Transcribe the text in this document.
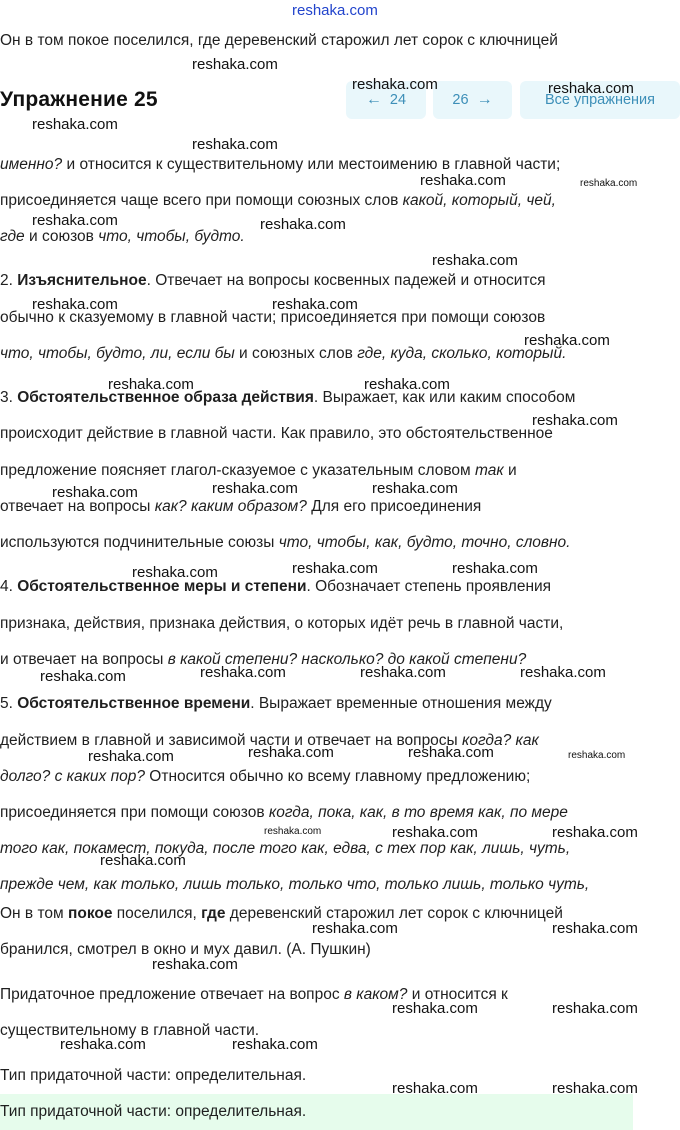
reshaka.com
Он в том покое поселился, где деревенский старожил лет сорок с ключницей
Упражнение 25	← 24	26 →	Все упражнения
именно? и относится к существительному или местоимению в главной части;
присоединяется чаще всего при помощи союзных слов какой, который, чей,
где и союзов что, чтобы, будто.
2. Изъяснительное. Отвечает на вопросы косвенных падежей и относится
обычно к сказуемому в главной части; присоединяется при помощи союзов
что, чтобы, будто, ли, если бы и союзных слов где, куда, сколько, который.
3. Обстоятельственное образа действия. Выражает, как или каким способом
происходит действие в главной части. Как правило, это обстоятельственное
предложение поясняет глагол-сказуемое с указательным словом так и
отвечает на вопросы как? каким образом? Для его присоединения
используются подчинительные союзы что, чтобы, как, будто, точно, словно.
4. Обстоятельственное меры и степени. Обозначает степень проявления
признака, действия, признака действия, о которых идёт речь в главной части,
и отвечает на вопросы в какой степени? насколько? до какой степени?
5. Обстоятельственное времени. Выражает временные отношения между
действием в главной и зависимой части и отвечает на вопросы когда? как
долго? с каких пор? Относится обычно ко всему главному предложению;
присоединяется при помощи союзов когда, пока, как, в то время как, по мере
того как, покамест, покуда, после того как, едва, с тех пор как, лишь, чуть,
прежде чем, как только, лишь только, только что, только лишь, только чуть,
Он в том покое поселился, где деревенский старожил лет сорок с ключницей
бранился, смотрел в окно и мух давил. (А. Пушкин)
Придаточное предложение отвечает на вопрос в каком? и относится к
существительному в главной части.
Тип придаточной части: определительная.
Тип придаточной части: определительная.
reshaka.com
reshaka.com	reshaka.com
reshaka.com
reshaka.com
reshaka.com	reshaka.com
reshaka.com	reshaka.com
reshaka.com
reshaka.com	reshaka.com
reshaka.com
reshaka.com	reshaka.com
reshaka.com
reshaka.com	reshaka.com	reshaka.com
reshaka.com	reshaka.com	reshaka.com
reshaka.com	reshaka.com	reshaka.com	reshaka.com
reshaka.com	reshaka.com	reshaka.com	reshaka.com
reshaka.com	reshaka.com	reshaka.com
reshaka.com
reshaka.com	reshaka.com
reshaka.com
reshaka.com	reshaka.com
reshaka.com	reshaka.com
reshaka.com	reshaka.com
